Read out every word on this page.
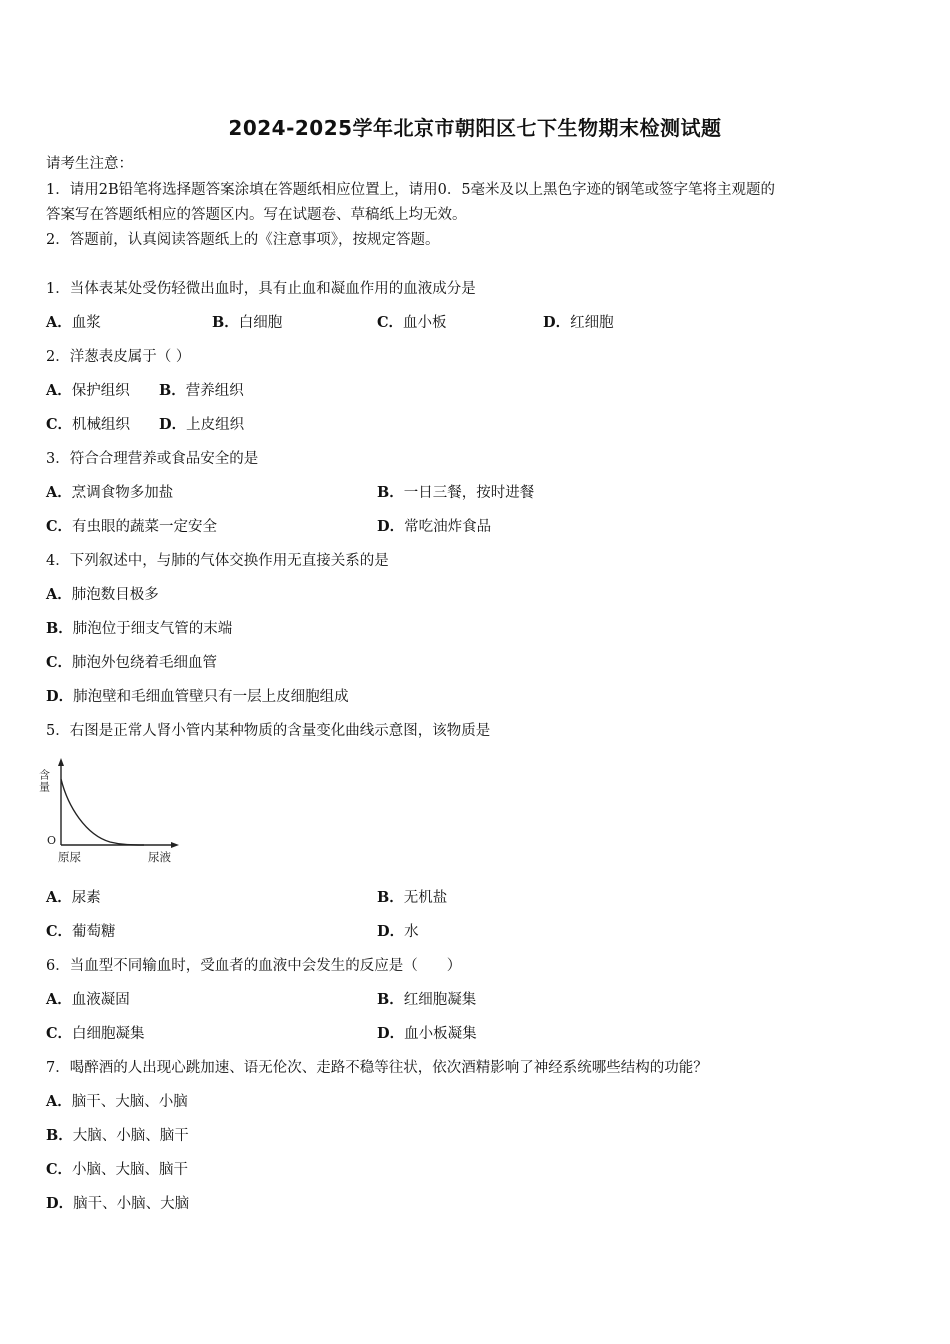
2024-2025学年北京市朝阳区七下生物期末检测试题
请考生注意：
1．请用2B铅笔将选择题答案涂填在答题纸相应位置上，请用0．5毫米及以上黑色字迹的钢笔或签字笔将主观题的
答案写在答题纸相应的答题区内。写在试题卷、草稿纸上均无效。
2．答题前，认真阅读答题纸上的《注意事项》，按规定答题。
1．当体表某处受伤轻微出血时，具有止血和凝血作用的血液成分是
A．血浆	B．白细胞	C．血小板	D．红细胞
2．洋葱表皮属于（ ）
A．保护组织 B．营养组织
C．机械组织 D．上皮组织
3．符合合理营养或食品安全的是
A．烹调食物多加盐	B．一日三餐，按时进餐
C．有虫眼的蔬菜一定安全	D．常吃油炸食品
4．下列叙述中，与肺的气体交换作用无直接关系的是
A．肺泡数目极多
B．肺泡位于细支气管的末端
C．肺泡外包绕着毛细血管
D．肺泡壁和毛细血管壁只有一层上皮细胞组成
5．右图是正常人肾小管内某种物质的含量变化曲线示意图，该物质是
含量
O
原尿	尿液
A．尿素	B．无机盐
C．葡萄糖	D．水
6．当血型不同输血时，受血者的血液中会发生的反应是（　　）
A．血液凝固	B．红细胞凝集
C．白细胞凝集	D．血小板凝集
7．喝醉酒的人出现心跳加速、语无伦次、走路不稳等往状，依次酒精影响了神经系统哪些结构的功能？
A．脑干、大脑、小脑
B．大脑、小脑、脑干
C．小脑、大脑、脑干
D．脑干、小脑、大脑
